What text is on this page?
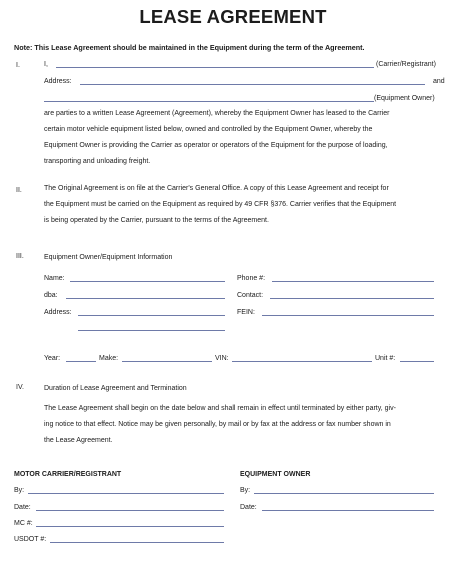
LEASE AGREEMENT
Note: This Lease Agreement should be maintained in the Equipment during the term of the Agreement.
I.	I,	(Carrier/Registrant)
Address:	and
(Equipment Owner)
are parties to a written Lease Agreement (Agreement), whereby the Equipment Owner has leased to the Carrier
certain motor vehicle equipment listed below, owned and controlled by the Equipment Owner, whereby the
Equipment Owner is providing the Carrier as operator or operators of the Equipment for the purpose of loading,
transporting and unloading freight.
II.	The Original Agreement is on file at the Carrier's General Office. A copy of this Lease Agreement and receipt for
the Equipment must be carried on the Equipment as required by 49 CFR §376. Carrier verifies that the Equipment
is being operated by the Carrier, pursuant to the terms of the Agreement.
III.	Equipment Owner/Equipment Information
Name:	Phone #:
dba:	Contact:
Address:	FEIN:
Year:	Make:	VIN:	Unit #:
IV.	Duration of Lease Agreement and Termination
The Lease Agreement shall begin on the date below and shall remain in effect until terminated by either party, giv-
ing notice to that effect. Notice may be given personally, by mail or by fax at the address or fax number shown in
the Lease Agreement.
MOTOR CARRIER/REGISTRANT	EQUIPMENT OWNER
By:	By:
Date:	Date:
MC #:
USDOT #:
